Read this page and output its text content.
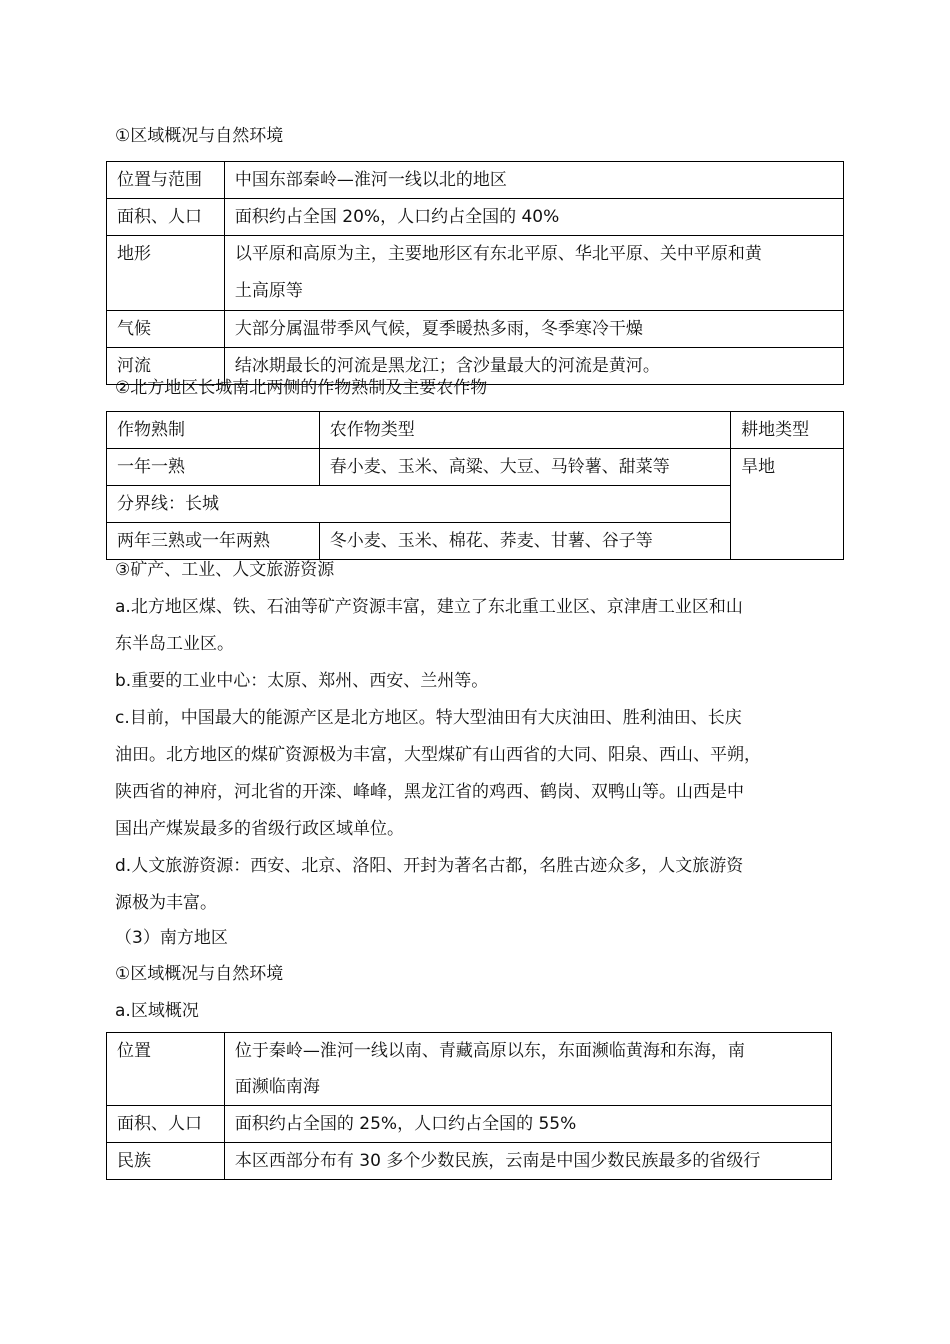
①区域概况与自然环境
位置与范围	中国东部秦岭—淮河一线以北的地区

面积、人口	面积约占全国 20%，人口约占全国的 40%

地形	以平原和高原为主，主要地形区有东北平原、华北平原、关中平原和黄
土高原等

气候	大部分属温带季风气候，夏季暖热多雨，冬季寒冷干燥

河流	结冰期最长的河流是黑龙江；含沙量最大的河流是黄河。
②北方地区长城南北两侧的作物熟制及主要农作物
作物熟制	农作物类型	耕地类型
一年一熟	春小麦、玉米、高粱、大豆、马铃薯、甜菜等	旱地
分界线：长城		
两年三熟或一年两熟	冬小麦、玉米、棉花、荞麦、甘薯、谷子等	
③矿产、工业、人文旅游资源
a.北方地区煤、铁、石油等矿产资源丰富，建立了东北重工业区、京津唐工业区和山
东半岛工业区。
b.重要的工业中心：太原、郑州、西安、兰州等。
c.目前，中国最大的能源产区是北方地区。特大型油田有大庆油田、胜利油田、长庆
油田。北方地区的煤矿资源极为丰富，大型煤矿有山西省的大同、阳泉、西山、平朔，
陕西省的神府，河北省的开滦、峰峰，黑龙江省的鸡西、鹤岗、双鸭山等。山西是中
国出产煤炭最多的省级行政区域单位。
d.人文旅游资源：西安、北京、洛阳、开封为著名古都，名胜古迹众多，人文旅游资
源极为丰富。
（3）南方地区
①区域概况与自然环境
a.区域概况
位置	位于秦岭—淮河一线以南、青藏高原以东，东面濒临黄海和东海，南
面濒临南海

面积、人口	面积约占全国的 25%，人口约占全国的 55%

民族	本区西部分布有 30 多个少数民族，云南是中国少数民族最多的省级行
